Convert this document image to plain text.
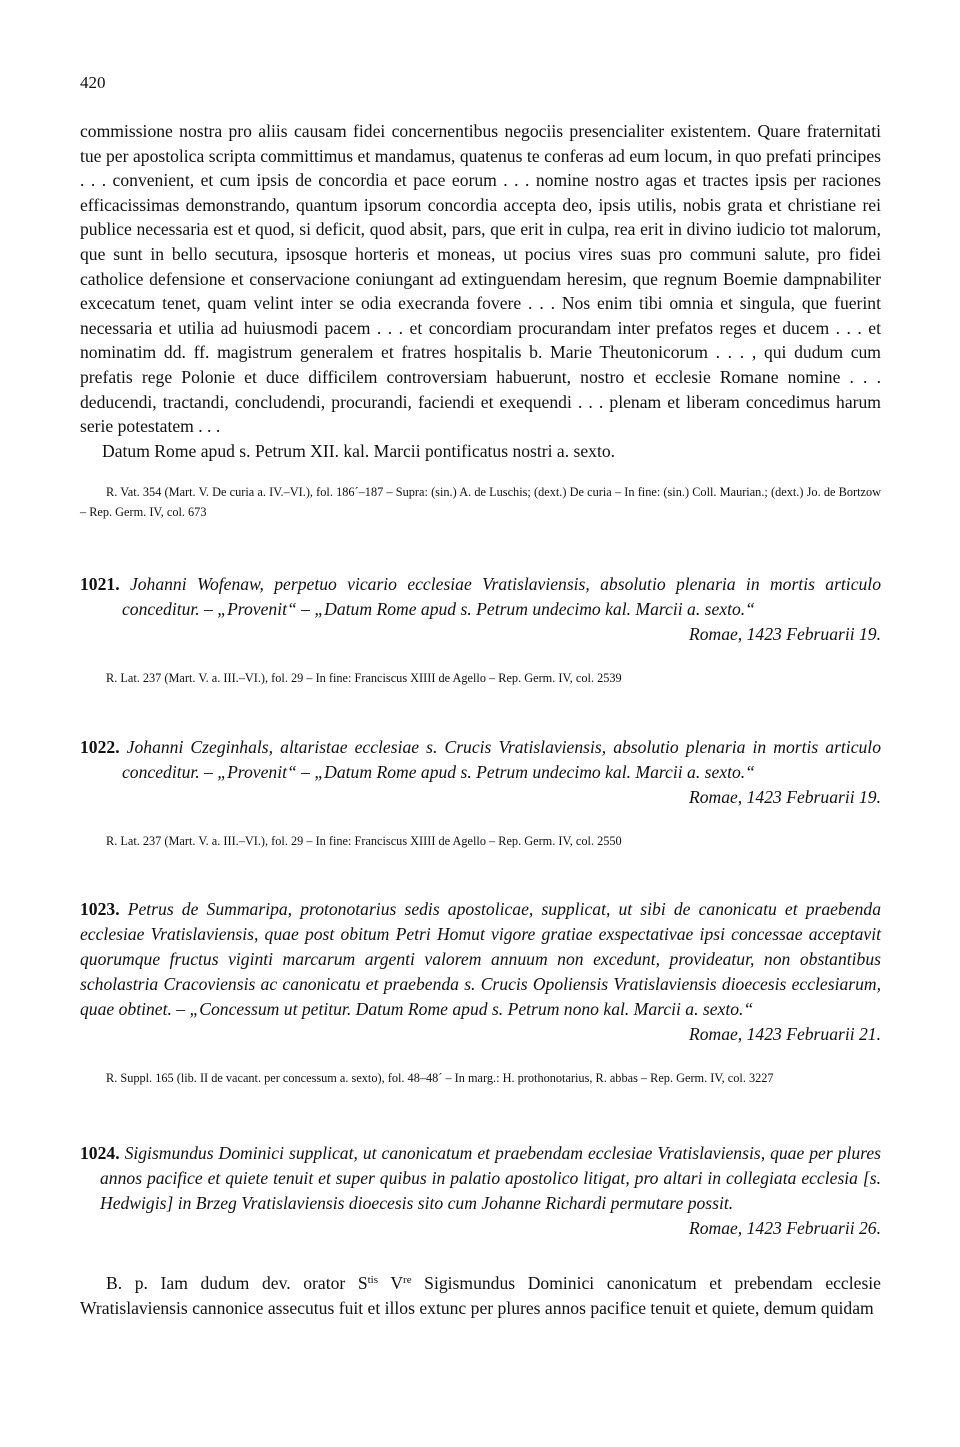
420

commissione nostra pro aliis causam fidei concernentibus negociis presencialiter existentem. Quare fraternitati tue per apostolica scripta committimus et mandamus, quatenus te conferas ad eum locum, in quo prefati principes . . . convenient, et cum ipsis de concordia et pace eorum . . . nomine nostro agas et tractes ipsis per raciones efficacissimas demonstrando, quantum ipsorum concordia accepta deo, ipsis utilis, nobis grata et christiane rei publice necessaria est et quod, si deficit, quod absit, pars, que erit in culpa, rea erit in divino iudicio tot malorum, que sunt in bello secutura, ipsosque horteris et moneas, ut pocius vires suas pro communi salute, pro fidei catholice defensione et conservacione coniungant ad extinguendam heresim, que regnum Boemie dampnabiliter excecatum tenet, quam velint inter se odia execranda fovere . . . Nos enim tibi omnia et singula, que fuerint necessaria et utilia ad huiusmodi pacem . . . et concordiam procurandam inter prefatos reges et ducem . . . et nominatim dd. ff. magistrum generalem et fratres hospitalis b. Marie Theutonicorum . . . , qui dudum cum prefatis rege Polonie et duce difficilem controversiam habuerunt, nostro et ecclesie Romane nomine . . . deducendi, tractandi, concludendi, procurandi, faciendi et exequendi . . . plenam et liberam concedimus harum serie potestatem . . .

Datum Rome apud s. Petrum XII. kal. Marcii pontificatus nostri a. sexto.

R. Vat. 354 (Mart. V. De curia a. IV.–VI.), fol. 186´–187 – Supra: (sin.) A. de Luschis; (dext.) De curia – In fine: (sin.) Coll. Maurian.; (dext.) Jo. de Bortzow – Rep. Germ. IV, col. 673

1021. Johanni Wofenaw, perpetuo vicario ecclesiae Vratislaviensis, absolutio plenaria in mortis articulo conceditur. – „Provenit“ – „Datum Rome apud s. Petrum undecimo kal. Marcii a. sexto.“
Romae, 1423 Februarii 19.

R. Lat. 237 (Mart. V. a. III.–VI.), fol. 29 – In fine: Franciscus XIIII de Agello – Rep. Germ. IV, col. 2539

1022. Johanni Czeginhals, altaristae ecclesiae s. Crucis Vratislaviensis, absolutio plenaria in mortis articulo conceditur. – „Provenit“ – „Datum Rome apud s. Petrum undecimo kal. Marcii a. sexto.“
Romae, 1423 Februarii 19.

R. Lat. 237 (Mart. V. a. III.–VI.), fol. 29 – In fine: Franciscus XIIII de Agello – Rep. Germ. IV, col. 2550

1023. Petrus de Summaripa, protonotarius sedis apostolicae, supplicat, ut sibi de canonicatu et praebenda ecclesiae Vratislaviensis, quae post obitum Petri Homut vigore gratiae exspectativae ipsi concessae acceptavit quorumque fructus viginti marcarum argenti valorem annuum non excedunt, provideatur, non obstantibus scholastria Cracoviensis ac canonicatu et praebenda s. Crucis Opoliensis Vratislaviensis dioecesis ecclesiarum, quae obtinet. – „Concessum ut petitur. Datum Rome apud s. Petrum nono kal. Marcii a. sexto.“
Romae, 1423 Februarii 21.

R. Suppl. 165 (lib. II de vacant. per concessum a. sexto), fol. 48–48´ – In marg.: H. prothonotarius, R. abbas – Rep. Germ. IV, col. 3227

1024. Sigismundus Dominici supplicat, ut canonicatum et praebendam ecclesiae Vratislaviensis, quae per plures annos pacifice et quiete tenuit et super quibus in palatio apostolico litigat, pro altari in collegiata ecclesia [s. Hedwigis] in Brzeg Vratislaviensis dioecesis sito cum Johanne Richardi permutare possit.
Romae, 1423 Februarii 26.

B. p. Iam dudum dev. orator $S^{tis}$ Vre Sigismundus Dominici canonicatum et prebendam ecclesie Wratislaviensis cannonice assecutus fuit et illos extunc per plures annos pacifice tenuit et quiete, demum quidam
